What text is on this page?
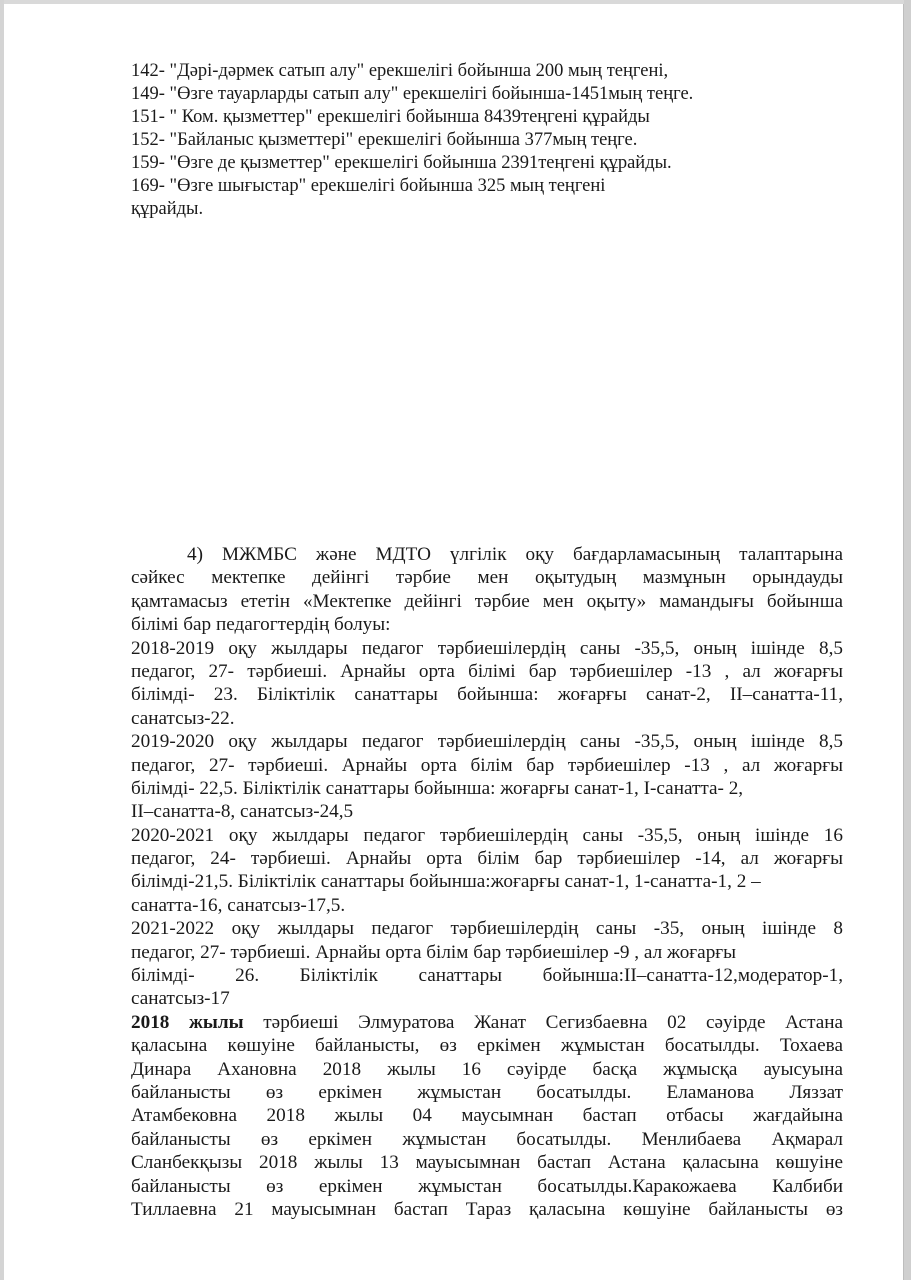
142- "Дәрі-дәрмек сатып алу" ерекшелігі бойынша 200 мың теңгені,
149- "Өзге тауарларды сатып алу" ерекшелігі бойынша-1451мың теңге.
151- " Ком. қызметтер" ерекшелігі бойынша 8439теңгені құрайды
152- "Байланыс қызметтері" ерекшелігі бойынша 377мың теңге.
159- "Өзге де қызметтер" ерекшелігі бойынша 2391теңгені құрайды.
169- "Өзге шығыстар" ерекшелігі бойынша 325 мың теңгені
құрайды.
4) МЖМБС және МДТО үлгілік оқу бағдарламасының талаптарына
сәйкес мектепке дейінгі тәрбие мен оқытудың мазмұнын орындауды
қамтамасыз ететін «Мектепке дейінгі тәрбие мен оқыту» мамандығы бойынша
білімі бар педагогтердің болуы:
2018-2019 оқу жылдары педагог тәрбиешілердің саны -35,5, оның ішінде 8,5
педагог, 27- тәрбиеші. Арнайы орта білімі бар тәрбиешілер -13 , ал жоғарғы
білімді- 23. Біліктілік санаттары бойынша: жоғарғы санат-2, ІІ–санатта-11,
санатсыз-22.
2019-2020 оқу жылдары педагог тәрбиешілердің саны -35,5, оның ішінде 8,5
педагог, 27- тәрбиеші. Арнайы орта білім бар тәрбиешілер -13 , ал жоғарғы
білімді- 22,5. Біліктілік санаттары бойынша: жоғарғы санат-1, І-санатта- 2,
ІІ–санатта-8, санатсыз-24,5
2020-2021 оқу жылдары педагог тәрбиешілердің саны -35,5, оның ішінде 16
педагог, 24- тәрбиеші. Арнайы орта білім бар тәрбиешілер -14, ал жоғарғы
білімді-21,5. Біліктілік санаттары бойынша:жоғарғы санат-1, 1-санатта-1, 2 –
санатта-16, санатсыз-17,5.
2021-2022 оқу жылдары педагог тәрбиешілердің саны -35, оның ішінде 8
педагог, 27- тәрбиеші. Арнайы орта білім бар тәрбиешілер -9 , ал жоғарғы
білімді- 26. Біліктілік санаттары бойынша:ІІ–санатта-12,модератор-1,
санатсыз-17
2018 жылы тәрбиеші Элмуратова Жанат Сегизбаевна 02 сәуірде Астана
қаласына көшуіне байланысты, өз еркімен жұмыстан босатылды. Тохаева
Динара Ахановна 2018 жылы 16 сәуірде басқа жұмысқа ауысуына
байланысты өз еркімен жұмыстан босатылды. Еламанова Ляззат
Атамбековна 2018 жылы 04 маусымнан бастап отбасы жағдайына
байланысты өз еркімен жұмыстан босатылды. Менлибаева Ақмарал
Сланбекқызы 2018 жылы 13 мауысымнан бастап Астана қаласына көшуіне
байланысты өз еркімен жұмыстан босатылды.Каракожаева Калбиби
Тиллаевна 21 мауысымнан бастап Тараз қаласына көшуіне байланысты өз
